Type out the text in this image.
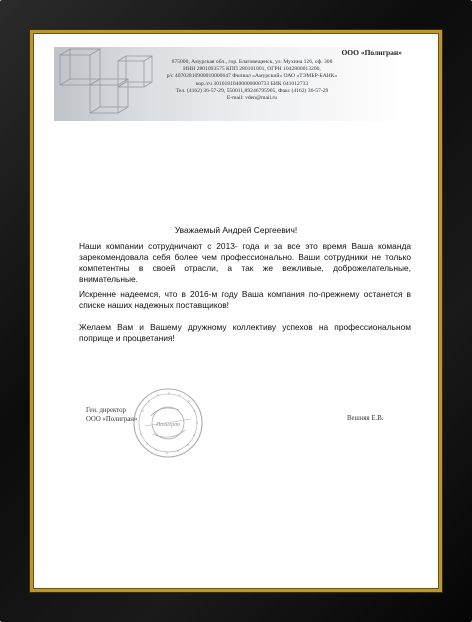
ООО «Полигран»
675000, Амурская обл., гор. Благовещенск, ул. Мухина 126, оф. 308
ИНН 2801093575 КПП 280101001, ОГРН 1042800013200,
р/с 40702810900010000647 Филиал «Амурский» ОАО «ТЭМБР-БАНК»
кор./сч 30101810400000000733 БИК 041012733
Тел. (4162) 36-57-29, 550011,89246795905, Факс (4162) 36-57-29
E-mail: vden@mail.ru
Уважаемый Андрей Сергеевич!
Наши компании сотрудничают с 2013- года и за все это время Ваша команда зарекомендовала себя более чем профессионально. Ваши сотрудники не только компетентны в своей отрасли, а так же вежливые, доброжелательные, внимательные.
Искренне надеемся, что в 2016-м году Ваша компания по-прежнему останется в списке наших надежных поставщиков!
Желаем Вам и Вашему дружному коллективу успехов на профессиональном поприще и процветания!
Ген. директор
ООО «Полигран»
Полигран
Вешняя Е.В.
